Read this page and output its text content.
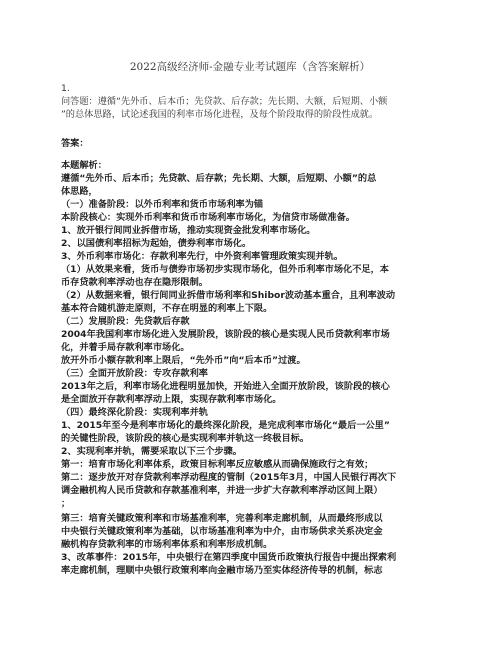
2022高级经济师-金融专业考试题库（含答案解析）
1.
问答题：遵循“先外币、后本币；先贷款、后存款；先长期、大额，后短期、小额
”的总体思路，试论述我国的利率市场化进程，及每个阶段取得的阶段性成就。
答案：
本题解析：
遵循“先外币、后本币；先贷款、后存款；先长期、大额，后短期、小额”的总
体思路，
（一）准备阶段：以外币利率和货币市场利率为锚
本阶段核心：实现外币利率和货币市场利率市场化，为信贷市场做准备。
1、放开银行间同业拆借市场，推动实现资金批发利率市场化。
2、以国债利率招标为起始，债券利率市场化。
3、外币利率市场化：存款利率先行，中外资利率管理政策实现并轨。
（1）从效果来看，货币与债券市场初步实现市场化，但外币利率市场化不足，本
币存贷款利率浮动也存在隐形限制。
（2）从数据来看，银行间同业拆借市场利率和Shibor波动基本重合，且利率波动
基本符合随机游走原则，不存在明显的利率上下限。
（二）发展阶段：先贷款后存款
2004年我国利率市场化进入发展阶段，该阶段的核心是实现人民币贷款利率市场
化，并着手局存款利率市场化。
放开外币小额存款利率上限后，“先外币”向“后本币”过渡。
（三）全面开放阶段：专攻存款利率
2013年之后，利率市场化进程明显加快，开始进入全面开放阶段，该阶段的核心
是全面放开存款利率浮动上限，实现存款利率市场化。
（四）最终深化阶段：实现利率并轨
1、2015年至今是利率市场化的最终深化阶段，是完成利率市场化“最后一公里”
的关键性阶段，该阶段的核心是实现利率并轨这一终极目标。
2、实现利率并轨，需要采取以下三个步骤。
第一：培育市场化利率体系，政策目标利率反应敏感从而确保施政行之有效；
第二：逐步放开对存贷款利率浮动程度的管制（2015年3月，中国人民银行再次下
调金融机构人民币贷款和存款基准利率，并进一步扩大存款利率浮动区间上限）
；
第三：培育关键政策利率和市场基准利率，完善利率走廊机制，从而最终形成以
中央银行关键政策利率为基础，以市场基准利率为中介，由市场供求关系决定金
融机构存贷款利率的市场利率体系和利率形成机制。
3、改革事件：2015年，中央银行在第四季度中国货币政策执行报告中提出探索利
率走廊机制，理顺中央银行政策利率向金融市场乃至实体经济传导的机制，标志
